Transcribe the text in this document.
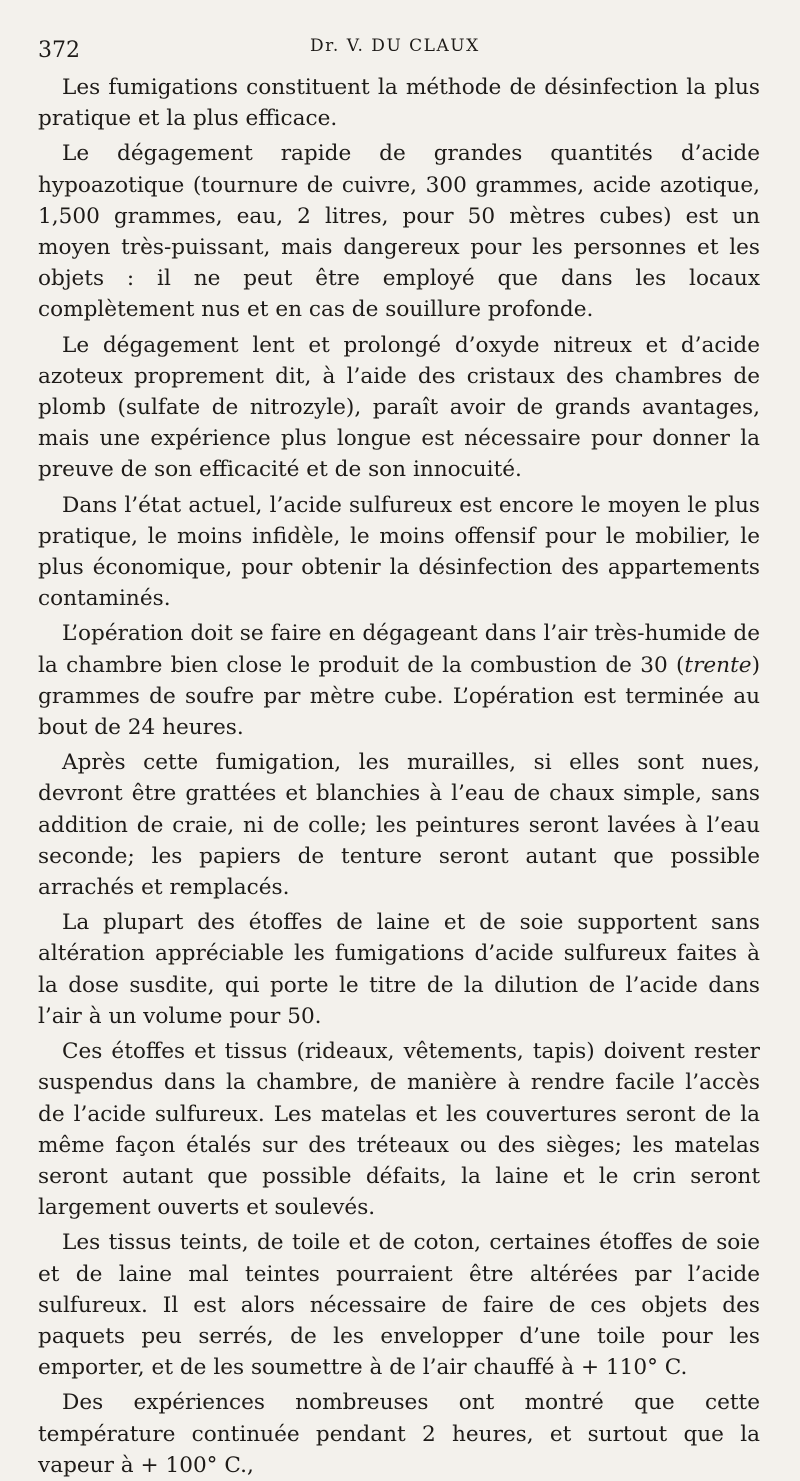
372	Dr. V. DU CLAUX

Les fumigations constituent la méthode de désinfection la plus pratique et la plus efficace.

Le dégagement rapide de grandes quantités d’acide hypoazotique (tournure de cuivre, 300 grammes, acide azotique, 1,500 grammes, eau, 2 litres, pour 50 mètres cubes) est un moyen très-puissant, mais dangereux pour les personnes et les objets : il ne peut être employé que dans les locaux complètement nus et en cas de souillure profonde.

Le dégagement lent et prolongé d’oxyde nitreux et d’acide azoteux proprement dit, à l’aide des cristaux des chambres de plomb (sulfate de nitrozyle), paraît avoir de grands avantages, mais une expérience plus longue est nécessaire pour donner la preuve de son efficacité et de son innocuité.

Dans l’état actuel, l’acide sulfureux est encore le moyen le plus pratique, le moins infidèle, le moins offensif pour le mobilier, le plus économique, pour obtenir la désinfection des appartements contaminés.

L’opération doit se faire en dégageant dans l’air très-humide de la chambre bien close le produit de la combustion de 30 (trente) grammes de soufre par mètre cube. L’opération est terminée au bout de 24 heures.

Après cette fumigation, les murailles, si elles sont nues, devront être grattées et blanchies à l’eau de chaux simple, sans addition de craie, ni de colle; les peintures seront lavées à l’eau seconde; les papiers de tenture seront autant que possible arrachés et remplacés.

La plupart des étoffes de laine et de soie supportent sans altération appréciable les fumigations d’acide sulfureux faites à la dose susdite, qui porte le titre de la dilution de l’acide dans l’air à un volume pour 50.

Ces étoffes et tissus (rideaux, vêtements, tapis) doivent rester suspendus dans la chambre, de manière à rendre facile l’accès de l’acide sulfureux. Les matelas et les couvertures seront de la même façon étalés sur des tréteaux ou des sièges; les matelas seront autant que possible défaits, la laine et le crin seront largement ouverts et soulevés.

Les tissus teints, de toile et de coton, certaines étoffes de soie et de laine mal teintes pourraient être altérées par l’acide sulfureux. Il est alors nécessaire de faire de ces objets des paquets peu serrés, de les envelopper d’une toile pour les emporter, et de les soumettre à de l’air chauffé à + 110° C.

Des expériences nombreuses ont montré que cette température continuée pendant 2 heures, et surtout que la vapeur à + 100° C.,
